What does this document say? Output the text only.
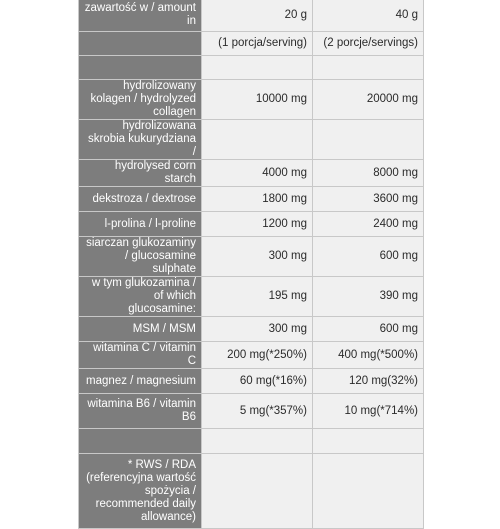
zawartość w / amount in	20 g	40 g
	(1 porcja/serving)	(2 porcje/servings)

hydrolizowany kolagen / hydrolyzed collagen	10000 mg	20000 mg
hydrolizowana skrobia kukurydziana /		
hydrolysed corn starch	4000 mg	8000 mg
dekstroza / dextrose	1800 mg	3600 mg
l-prolina / l-proline	1200 mg	2400 mg
siarczan glukozaminy / glucosamine sulphate	300 mg	600 mg
w tym glukozamina / of which glucosamine:	195 mg	390 mg
MSM / MSM	300 mg	600 mg
witamina C / vitamin C	200 mg(*250%)	400 mg(*500%)
magnez / magnesium	60 mg(*16%)	120 mg(32%)
witamina B6 / vitamin B6	5 mg(*357%)	10 mg(*714%)

* RWS / RDA (referencyjna wartość spożycia / recommended daily allowance)		
